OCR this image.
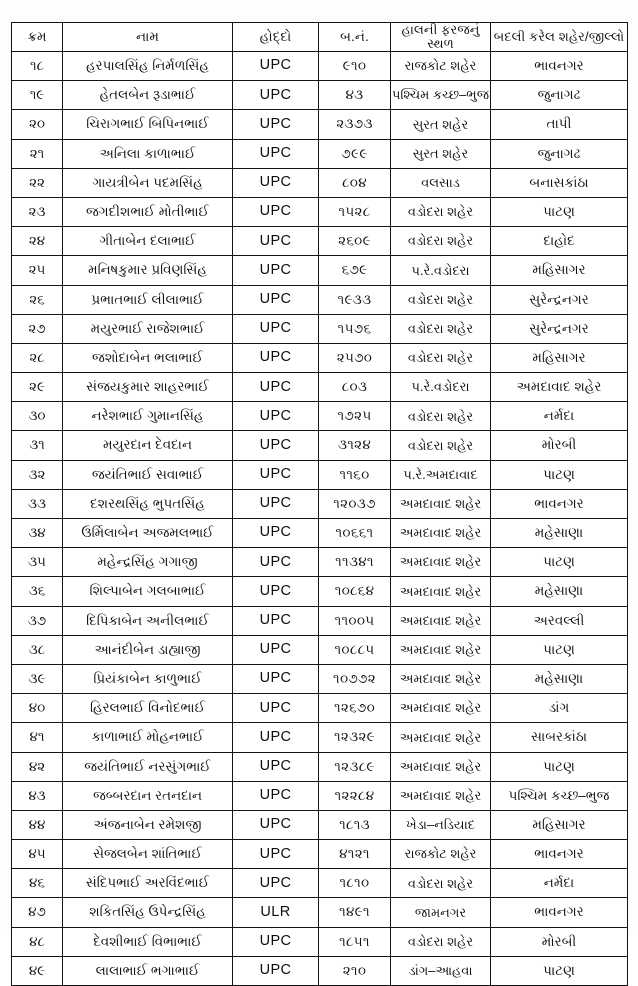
ક્રમ	નામ	હોદ્દો	બ.નં.	હાલની ફરજનું સ્થળ	બદલી કરેલ શહેર/જીલ્લો
૧૮	હરપાલસિંહ નિર્મળસિંહ	UPC	૯૧૦	રાજકોટ શહેર	ભાવનગર
૧૯	હેતલબેન રૂડાભાઈ	UPC	૪૩	પશ્ચિમ કચ્છ–ભુજ	જુનાગઢ
૨૦	ચિરાગભાઈ બિપિનભાઈ	UPC	૨૩૭૩	સુરત શહેર	તાપી
૨૧	અનિલા કાળાભાઈ	UPC	૭૯૯	સુરત શહેર	જુનાગઢ
૨૨	ગાયત્રીબેન પદમસિંહ	UPC	૮૦૪	વલસાડ	બનાસકાંઠા
૨૩	જગદીશભાઈ મોતીભાઈ	UPC	૧૫૨૮	વડોદરા શહેર	પાટણ
૨૪	ગીતાબેન દલાભાઈ	UPC	૨૬૦૯	વડોદરા શહેર	દાહોદ
૨૫	મનિષકુમાર પ્રવિણસિંહ	UPC	૬૭૯	પ.રે.વડોદરા	મહિસાગર
૨૬	પ્રભાતભાઈ લીલાભાઈ	UPC	૧૯૩૩	વડોદરા શહેર	સુરેન્દ્રનગર
૨૭	મયુરભાઈ રાજેશભાઈ	UPC	૧૫૭૬	વડોદરા શહેર	સુરેન્દ્રનગર
૨૮	જશોદાબેન ભલાભાઈ	UPC	૨૫૭૦	વડોદરા શહેર	મહિસાગર
૨૯	સંજયકુમાર શાહરભાઈ	UPC	૮૦૩	પ.રે.વડોદરા	અમદાવાદ શહેર
૩૦	નરેશભાઈ ગુમાનસિંહ	UPC	૧૭૨૫	વડોદરા શહેર	નર્મદા
૩૧	મયુરદાન દેવદાન	UPC	૩૧૨૪	વડોદરા શહેર	મોરબી
૩૨	જયંતિભાઈ સવાભાઈ	UPC	૧૧૬૦	પ.રે.અમદાવાદ	પાટણ
૩૩	દશરથસિંહ ભુપતસિંહ	UPC	૧૨૦૩૭	અમદાવાદ શહેર	ભાવનગર
૩૪	ઉર્મિલાબેન અજમલભાઈ	UPC	૧૦૬૬૧	અમદાવાદ શહેર	મહેસાણા
૩૫	મહેન્દ્રસિંહ ગગાજી	UPC	૧૧૩૪૧	અમદાવાદ શહેર	પાટણ
૩૬	શિલ્પાબેન ગલબાભાઈ	UPC	૧૦૮૬૪	અમદાવાદ શહેર	મહેસાણા
૩૭	દિપિકાબેન અનીલભાઈ	UPC	૧૧૦૦૫	અમદાવાદ શહેર	અરવલ્લી
૩૮	આનંદીબેન ડાહ્યાજી	UPC	૧૦૮૮૫	અમદાવાદ શહેર	પાટણ
૩૯	પ્રિયંકાબેન કાળુભાઈ	UPC	૧૦૭૭૨	અમદાવાદ શહેર	મહેસાણા
૪૦	હિરલભાઈ વિનોદભાઈ	UPC	૧૨૬૭૦	અમદાવાદ શહેર	ડાંગ
૪૧	કાળાભાઈ મોહનભાઈ	UPC	૧૨૩૨૯	અમદાવાદ શહેર	સાબરકાંઠા
૪૨	જયંતિભાઈ નરસુંગભાઈ	UPC	૧૨૩૮૯	અમદાવાદ શહેર	પાટણ
૪૩	જબ્બરદાન રતનદાન	UPC	૧૨૨૮૪	અમદાવાદ શહેર	પશ્ચિમ કચ્છ–ભુજ
૪૪	અંજનાબેન રમેશજી	UPC	૧૮૧૩	ખેડા–નડિયાદ	મહિસાગર
૪૫	સેજલબેન શાંતિભાઈ	UPC	૪૧૨૧	રાજકોટ શહેર	ભાવનગર
૪૬	સંદિપભાઈ અરવિંદભાઈ	UPC	૧૮૧૦	વડોદરા શહેર	નર્મદા
૪૭	શકિતસિંહ ઉપેન્દ્રસિંહ	ULR	૧૪૯૧	જામનગર	ભાવનગર
૪૮	દેવશીભાઈ વિભાભાઈ	UPC	૧૮૫૧	વડોદરા શહેર	મોરબી
૪૯	લાલાભાઈ ભગાભાઈ	UPC	૨૧૦	ડાંગ–આહવા	પાટણ
